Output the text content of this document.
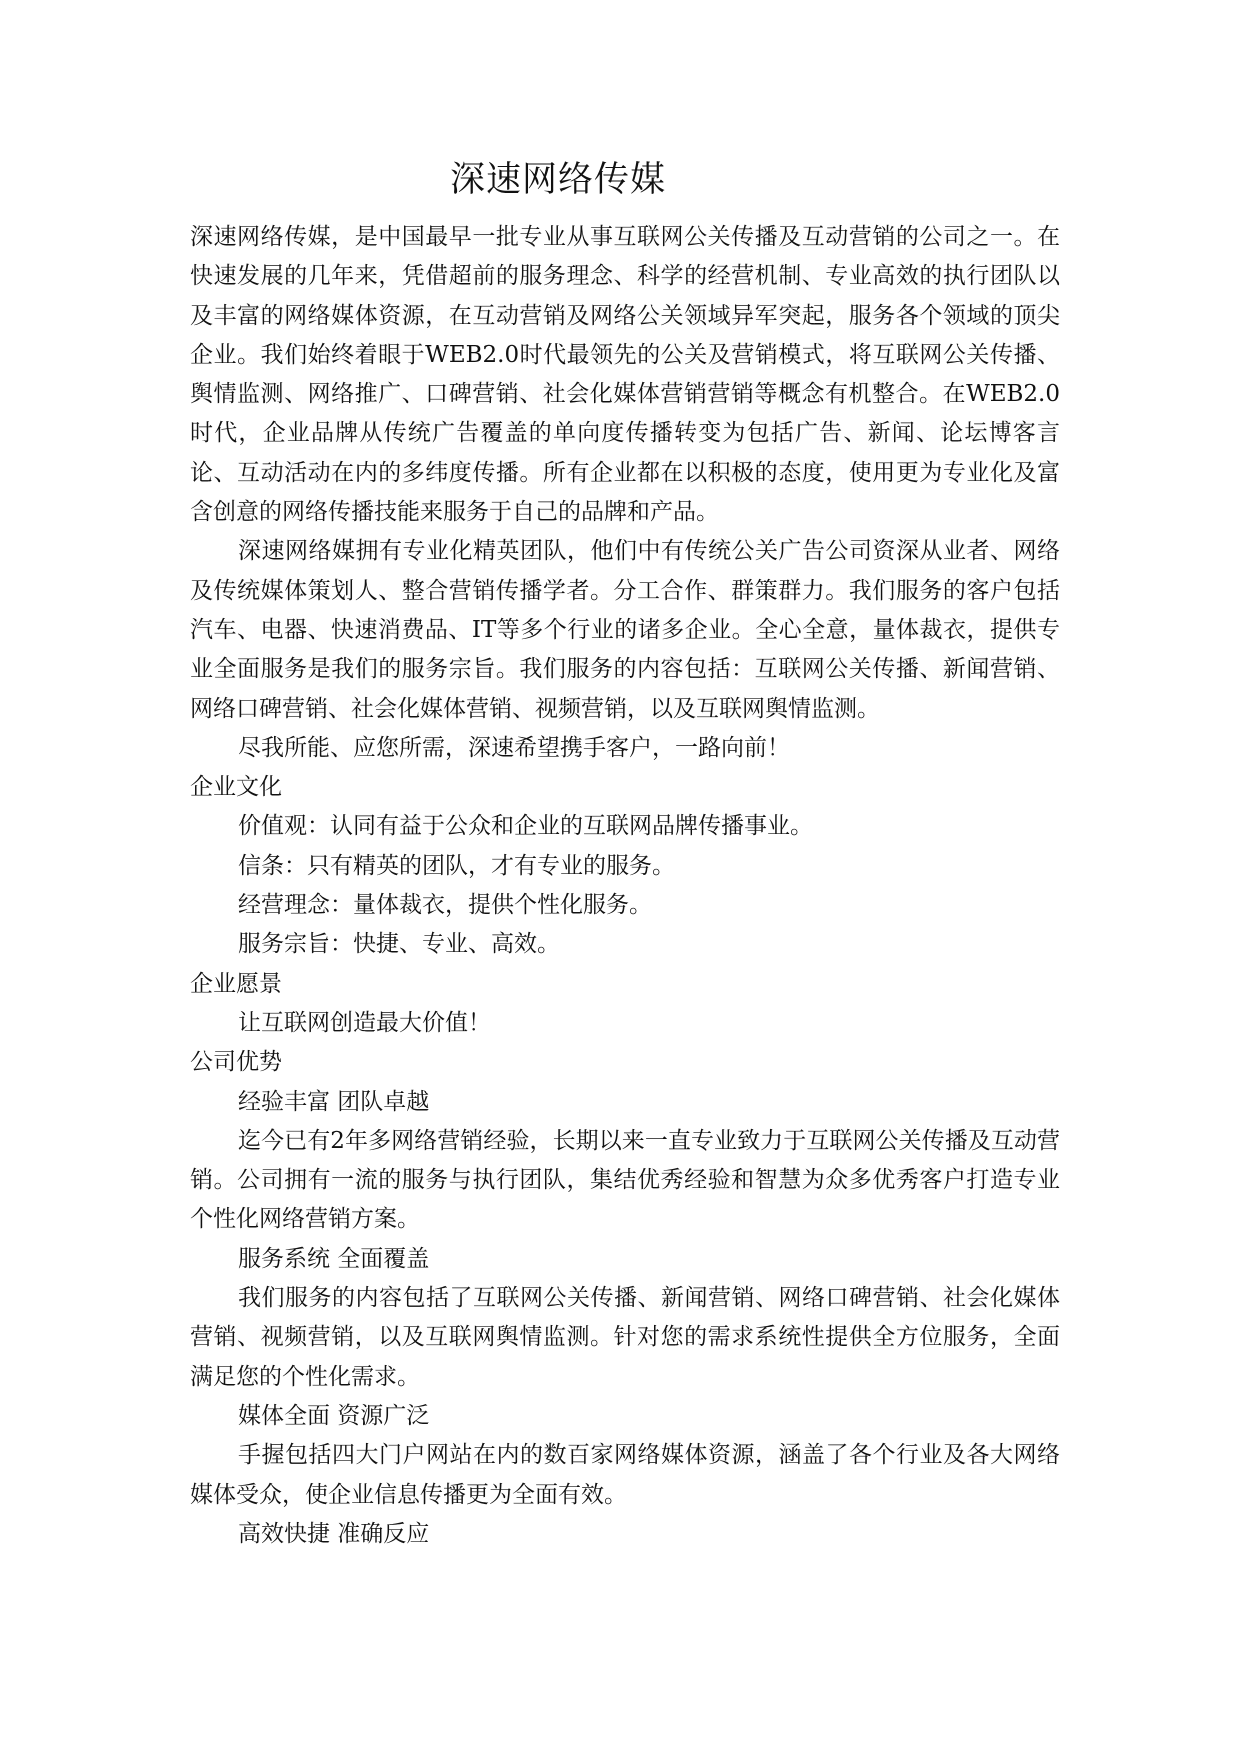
深速网络传媒

深速网络传媒，是中国最早一批专业从事互联网公关传播及互动营销的公司之一。在快速发展的几年来，凭借超前的服务理念、科学的经营机制、专业高效的执行团队以及丰富的网络媒体资源，在互动营销及网络公关领域异军突起，服务各个领域的顶尖企业。我们始终着眼于WEB2.0时代最领先的公关及营销模式，将互联网公关传播、舆情监测、网络推广、口碑营销、社会化媒体营销营销等概念有机整合。在WEB2.0时代，企业品牌从传统广告覆盖的单向度传播转变为包括广告、新闻、论坛博客言论、互动活动在内的多纬度传播。所有企业都在以积极的态度，使用更为专业化及富含创意的网络传播技能来服务于自己的品牌和产品。

深速网络媒拥有专业化精英团队，他们中有传统公关广告公司资深从业者、网络及传统媒体策划人、整合营销传播学者。分工合作、群策群力。我们服务的客户包括汽车、电器、快速消费品、IT等多个行业的诸多企业。全心全意，量体裁衣，提供专业全面服务是我们的服务宗旨。我们服务的内容包括：互联网公关传播、新闻营销、网络口碑营销、社会化媒体营销、视频营销，以及互联网舆情监测。

尽我所能、应您所需，深速希望携手客户，一路向前！

企业文化

价值观：认同有益于公众和企业的互联网品牌传播事业。

信条：只有精英的团队，才有专业的服务。

经营理念：量体裁衣，提供个性化服务。

服务宗旨：快捷、专业、高效。

企业愿景

让互联网创造最大价值！

公司优势

经验丰富 团队卓越

迄今已有2年多网络营销经验，长期以来一直专业致力于互联网公关传播及互动营销。公司拥有一流的服务与执行团队，集结优秀经验和智慧为众多优秀客户打造专业个性化网络营销方案。

服务系统 全面覆盖

我们服务的内容包括了互联网公关传播、新闻营销、网络口碑营销、社会化媒体营销、视频营销，以及互联网舆情监测。针对您的需求系统性提供全方位服务，全面满足您的个性化需求。

媒体全面 资源广泛

手握包括四大门户网站在内的数百家网络媒体资源，涵盖了各个行业及各大网络媒体受众，使企业信息传播更为全面有效。

高效快捷 准确反应
